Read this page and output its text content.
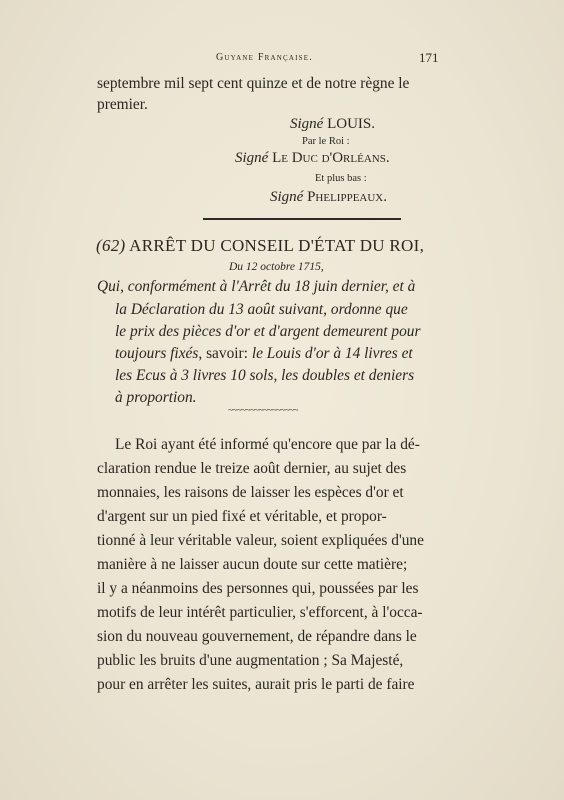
Guyane Française.	171
septembre mil sept cent quinze et de notre règne le
premier.
Signé LOUIS.
Par le Roi :
Signé Le Duc d'Orléans.
Et plus bas :
Signé Phelippeaux.
(62) ARRÊT DU CONSEIL D'ÉTAT DU ROI,
Du 12 octobre 1715,
Qui, conformément à l'Arrêt du 18 juin dernier, et à
la Déclaration du 13 août suivant, ordonne que
le prix des pièces d'or et d'argent demeurent pour
toujours fixés, savoir: le Louis d'or à 14 livres et
les Ecus à 3 livres 10 sols, les doubles et deniers
à proportion.
~~~~~~~~~~~~~~~~
Le Roi ayant été informé qu'encore que par la dé-
claration rendue le treize août dernier, au sujet des
monnaies, les raisons de laisser les espèces d'or et
d'argent sur un pied fixé et véritable, et propor-
tionné à leur véritable valeur, soient expliquées d'une
manière à ne laisser aucun doute sur cette matière;
il y a néanmoins des personnes qui, poussées par les
motifs de leur intérêt particulier, s'efforcent, à l'occa-
sion du nouveau gouvernement, de répandre dans le
public les bruits d'une augmentation ; Sa Majesté,
pour en arrêter les suites, aurait pris le parti de faire
